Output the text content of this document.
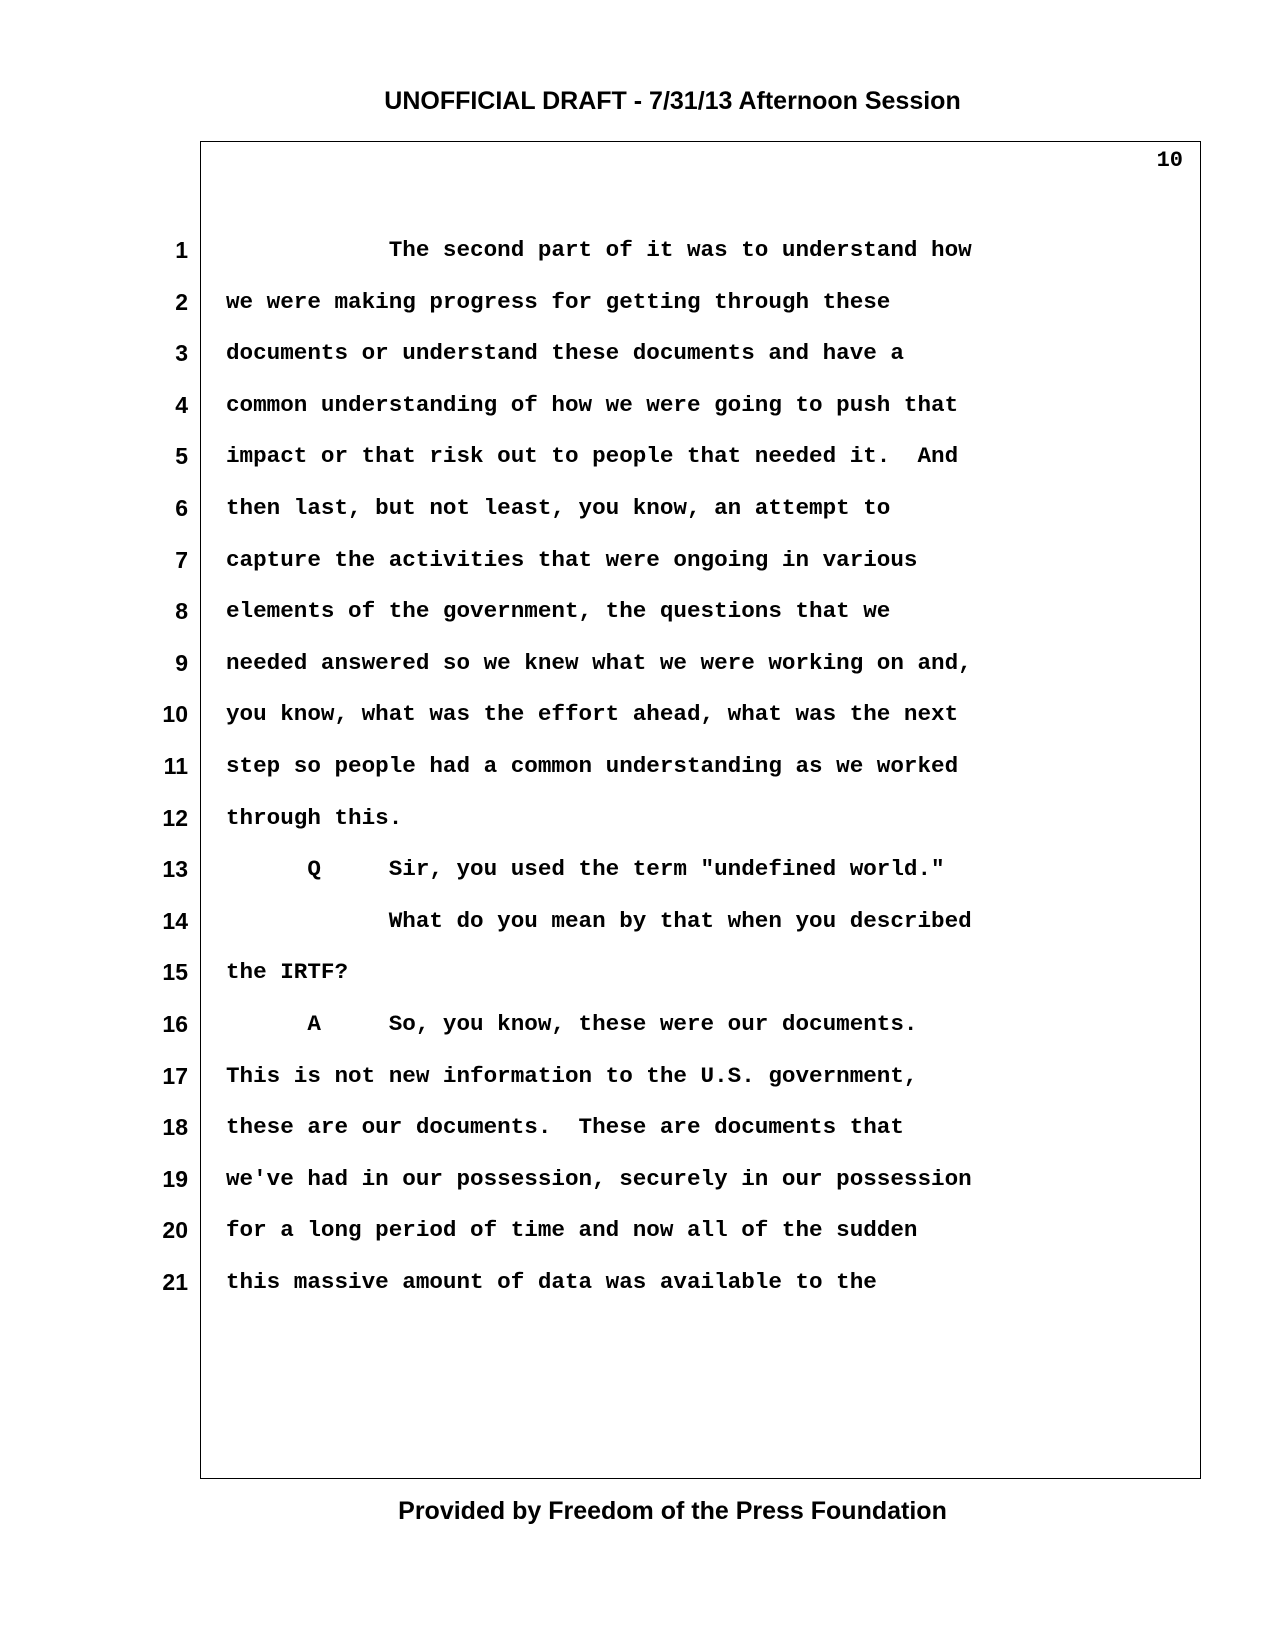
UNOFFICIAL DRAFT - 7/31/13 Afternoon Session
10
1	The second part of it was to understand how
2	we were making progress for getting through these
3	documents or understand these documents and have a
4	common understanding of how we were going to push that
5	impact or that risk out to people that needed it.  And
6	then last, but not least, you know, an attempt to
7	capture the activities that were ongoing in various
8	elements of the government, the questions that we
9	needed answered so we knew what we were working on and,
10	you know, what was the effort ahead, what was the next
11	step so people had a common understanding as we worked
12	through this.
13	Q     Sir, you used the term "undefined world."
14	What do you mean by that when you described
15	the IRTF?
16	A     So, you know, these were our documents.
17	This is not new information to the U.S. government,
18	these are our documents.  These are documents that
19	we've had in our possession, securely in our possession
20	for a long period of time and now all of the sudden
21	this massive amount of data was available to the
Provided by Freedom of the Press Foundation
